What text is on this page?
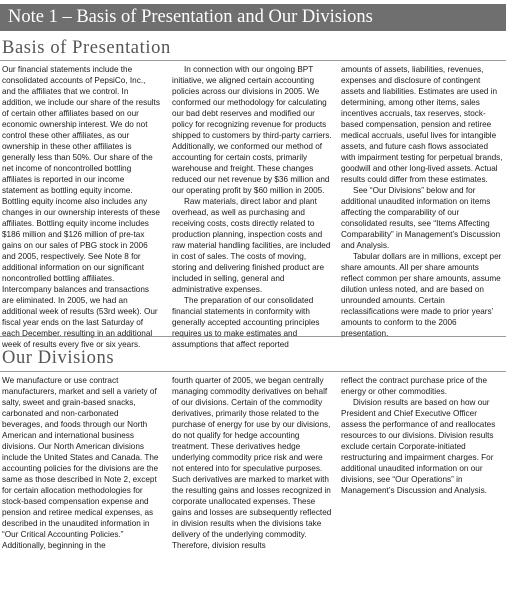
Note 1 – Basis of Presentation and Our Divisions
Basis of Presentation

Our financial statements include the consolidated accounts of PepsiCo, Inc., and the affiliates that we control. In addition, we include our share of the results of certain other affiliates based on our economic ownership interest. We do not control these other affiliates, as our ownership in these other affiliates is generally less than 50%. Our share of the net income of noncontrolled bottling affiliates is reported in our income statement as bottling equity income. Bottling equity income also includes any changes in our ownership interests of these affiliates. Bottling equity income includes $186 million and $126 million of pre-tax gains on our sales of PBG stock in 2006 and 2005, respectively. See Note 8 for additional information on our significant noncontrolled bottling affiliates. Intercompany balances and transactions are eliminated. In 2005, we had an additional week of results (53rd week). Our fiscal year ends on the last Saturday of each December, resulting in an additional week of results every five or six years.

In connection with our ongoing BPT initiative, we aligned certain accounting policies across our divisions in 2005. We conformed our methodology for calculating our bad debt reserves and modified our policy for recognizing revenue for products shipped to customers by third-party carriers. Additionally, we conformed our method of accounting for certain costs, primarily warehouse and freight. These changes reduced our net revenue by $36 million and our operating profit by $60 million in 2005.

Raw materials, direct labor and plant overhead, as well as purchasing and receiving costs, costs directly related to production planning, inspection costs and raw material handling facilities, are included in cost of sales. The costs of moving, storing and delivering finished product are included in selling, general and administrative expenses.

The preparation of our consolidated financial statements in conformity with generally accepted accounting principles requires us to make estimates and assumptions that affect reported

amounts of assets, liabilities, revenues, expenses and disclosure of contingent assets and liabilities. Estimates are used in determining, among other items, sales incentives accruals, tax reserves, stock-based compensation, pension and retiree medical accruals, useful lives for intangible assets, and future cash flows associated with impairment testing for perpetual brands, goodwill and other long-lived assets. Actual results could differ from these estimates.

See “Our Divisions” below and for additional unaudited information on items affecting the comparability of our consolidated results, see “Items Affecting Comparability” in Management’s Discussion and Analysis.

Tabular dollars are in millions, except per share amounts. All per share amounts reflect common per share amounts, assume dilution unless noted, and are based on unrounded amounts. Certain reclassifications were made to prior years’ amounts to conform to the 2006 presentation.

Our Divisions

We manufacture or use contract manufacturers, market and sell a variety of salty, sweet and grain-based snacks, carbonated and non-carbonated beverages, and foods through our North American and international business divisions. Our North American divisions include the United States and Canada. The accounting policies for the divisions are the same as those described in Note 2, except for certain allocation methodologies for stock-based compensation expense and pension and retiree medical expenses, as described in the unaudited information in “Our Critical Accounting Policies.” Additionally, beginning in the

fourth quarter of 2005, we began centrally managing commodity derivatives on behalf of our divisions. Certain of the commodity derivatives, primarily those related to the purchase of energy for use by our divisions, do not qualify for hedge accounting treatment. These derivatives hedge underlying commodity price risk and were not entered into for speculative purposes. Such derivatives are marked to market with the resulting gains and losses recognized in corporate unallocated expenses. These gains and losses are subsequently reflected in division results when the divisions take delivery of the underlying commodity. Therefore, division results

reflect the contract purchase price of the energy or other commodities.

Division results are based on how our President and Chief Executive Officer assess the performance of and reallocates resources to our divisions. Division results exclude certain Corporate-initiated restructuring and impairment charges. For additional unaudited information on our divisions, see “Our Operations” in Management’s Discussion and Analysis.
